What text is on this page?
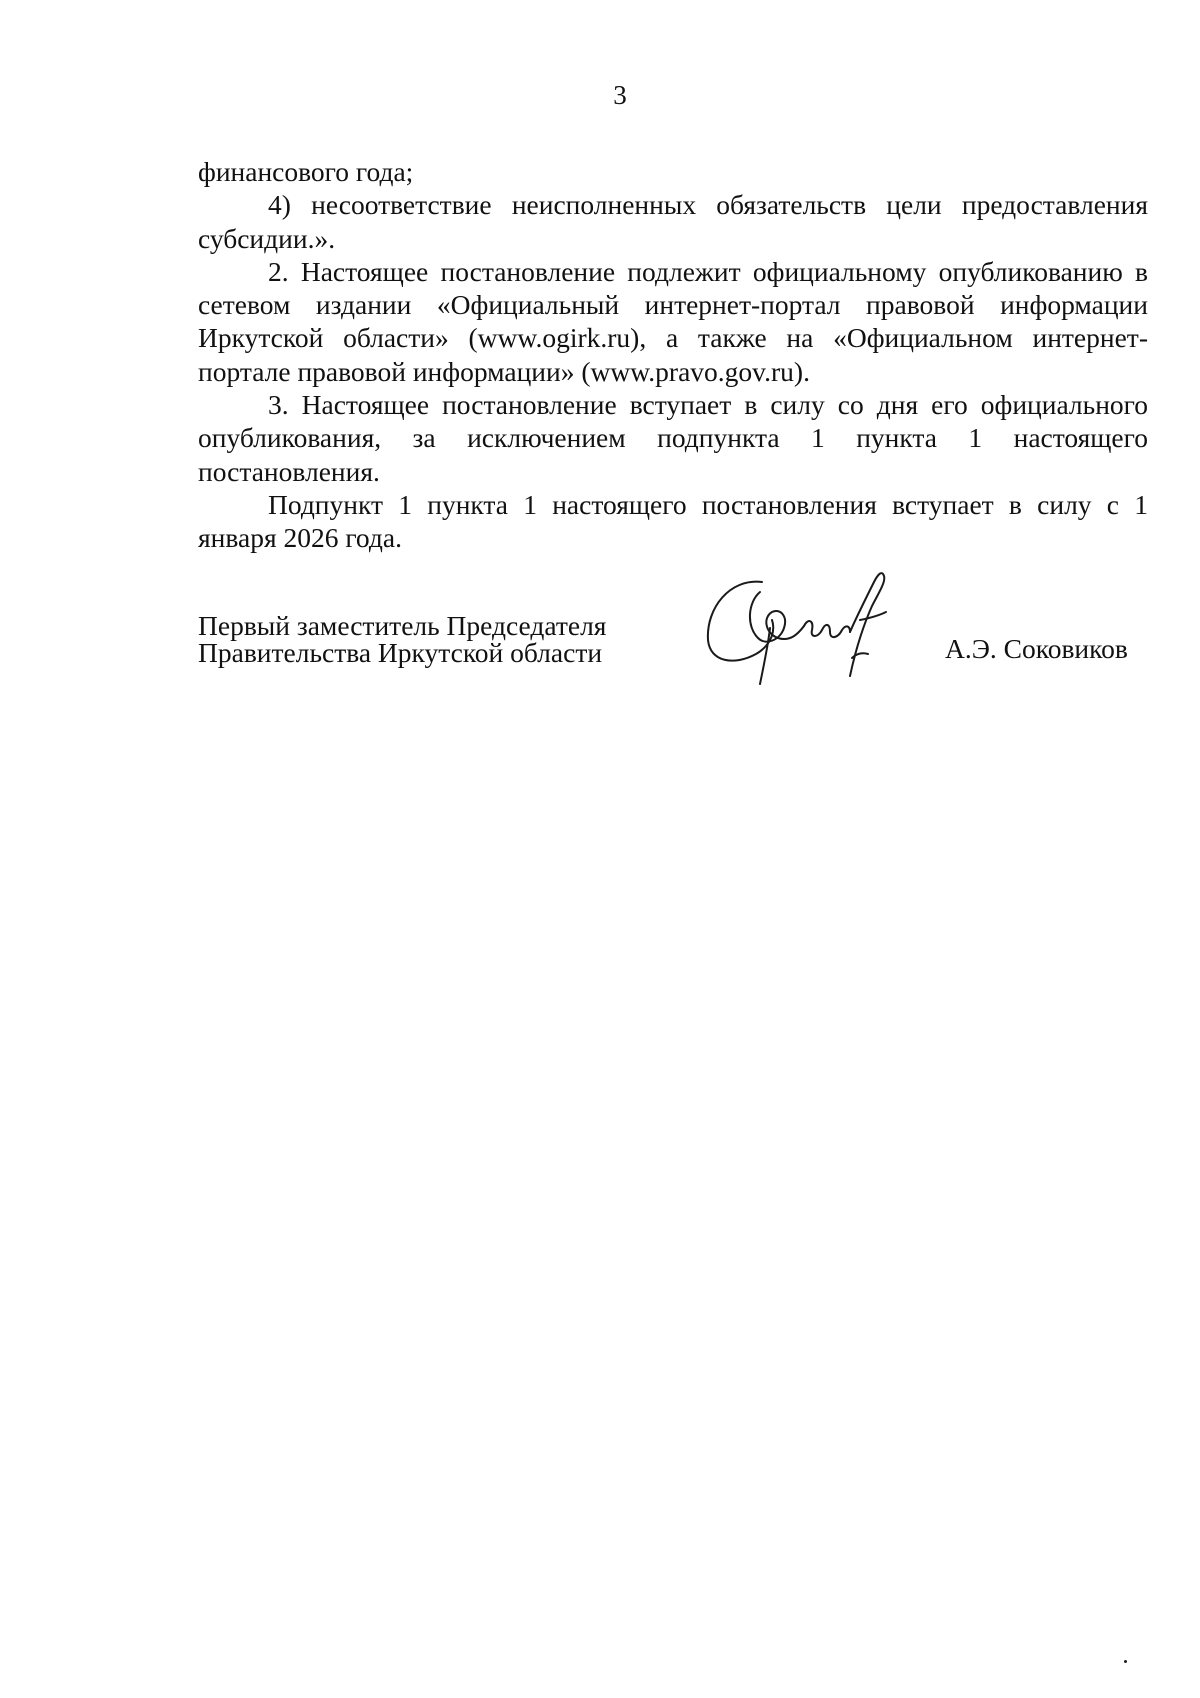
3

финансового года;

4) несоответствие неисполненных обязательств цели предоставления субсидии.».

2. Настоящее постановление подлежит официальному опубликованию в сетевом издании «Официальный интернет-портал правовой информации Иркутской области» (www.ogirk.ru), а также на «Официальном интернет-портале правовой информации» (www.pravo.gov.ru).

3. Настоящее постановление вступает в силу со дня его официального опубликования, за исключением подпункта 1 пункта 1 настоящего постановления.

Подпункт 1 пункта 1 настоящего постановления вступает в силу с 1 января 2026 года.

Первый заместитель Председателя
Правительства Иркутской области	А.Э. Соковиков
